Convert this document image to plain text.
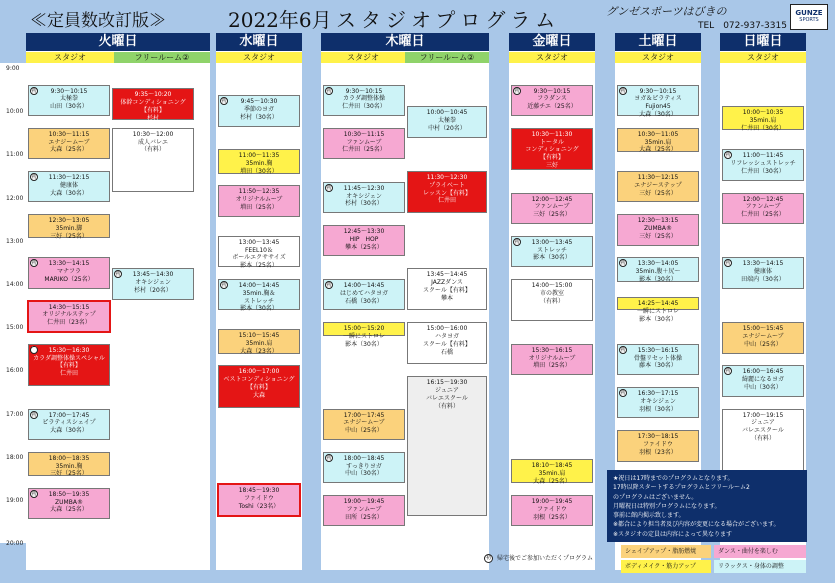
≪定員数改訂版≫	2022年6月 スタジオプログラム	グンゼスポーツはびきの
TEL　072-937-3315
GUNZE
SPORTS
9:00
10:00
11:00
12:00
13:00
14:00
15:00
16:00
17:00
18:00
19:00
20:00
火曜日	水曜日	木曜日	金曜日	土曜日	日曜日
スタジオ	フリールーム②	スタジオ	スタジオ	フリールーム②	スタジオ	スタジオ	スタジオ
初	9:30～10:15
太極拳
山田（30名）
10:30～11:15
エナジームーブ
大森（25名）
初	11:30～12:15
健康体
大森（30名）
12:30～13:05
35min.脚
三好（25名）
初	13:30～14:15
マナフラ
MARIKO（25名）
14:30～15:15
オリジナルステップ
仁井田（23名）
初	15:30～16:30
カラダ調整体操スペシャル
【有料】
仁井田
初	17:00～17:45
ピラティスシェイプ
大森（30名）
18:00～18:35
35min.胸
三好（25名）
初	18:50～19:35
ZUMBA®
大森（25名）
9:35～10:20
体幹コンディショニング
【有料】
杉村
10:30～12:00
成人バレエ
（有料）
初	13:45～14:30
オキシジェン
杉村（20名）
初	9:45～10:30
季節のヨガ
杉村（30名）
11:00～11:35
35min.胸
増田（30名）
11:50～12:35
オリジナルムーブ
増田（25名）
13:00～13:45
FEEL10＆
ボールエクササイズ
影本（25名）
初	14:00～14:45
35min.胸＆
ストレッチ
影本（30名）
15:10～15:45
35min.肩
大森（23名）
16:00～17:00
ベストコンディショニング
【有料】
大森
18:45～19:30
ファイドウ
Toshi（23名）
初	9:30～10:15
カラダ調整体操
仁井田（30名）
10:30～11:15
ファンムーブ
仁井田（25名）
初	11:45～12:30
オキシジェン
杉村（30名）
12:45～13:30
HIP　HOP
攀本（25名）
初	14:00～14:45
はじめてハタヨガ
石橋（30名）
15:00～15:20
一瞬にストロレ
影本（30名）
17:00～17:45
エナジームーブ
中山（25名）
初	18:00～18:45
すっきりヨガ
中山（30名）
19:00～19:45
ファンムーブ
田所（25名）
10:00～10:45
太極拳
中村（20名）
11:30～12:30
プライベート
レッスン【有料】
仁井田
13:45～14:45
JAZZダンス
スクール【有料】
攀本
15:00～16:00
ハタヨガ
スクール【有料】
石橋
16:15～19:30
ジュニア
バレエスクール
（有料）
初	9:30～10:15
フラダンス
近藤チエ（25名）
10:30～11:30
トータル
コンディショニング
【有料】
三好
12:00～12:45
ファンムーブ
三好（25名）
初	13:00～13:45
ストレッチ
影本（30名）
14:00～15:00
市の教室
（有料）
15:30～16:15
オリジナルムーブ
増田（25名）
18:10～18:45
35min.肩
大森（25名）
19:00～19:45
ファイドウ
羽根（25名）
初	9:30～10:15
ヨガ＆ピラティス
Fujion45
大森（30名）
10:30～11:05
35min.肩
大森（25名）
11:30～12:15
エナジーステップ
三好（25名）
12:30～13:15
ZUMBA®
三好（25名）
初	13:30～14:05
35min.腹＋尻～
影本（30名）
14:25～14:45
一瞬にストロレ
影本（30名）
初	15:30～16:15
骨盤リセット体操
藤本（30名）
初	16:30～17:15
オキシジェン
羽根（30名）
17:30～18:15
ファイドウ
羽根（23名）
10:00～10:35
35min.肩
仁井田（30名）
初	11:00～11:45
リフレッシュストレッチ
仁井田（30名）
12:00～12:45
ファンムーブ
仁井田（25名）
初	13:30～14:15
健康体
田端内（30名）
15:00～15:45
エナジームーブ
中山（25名）
初	16:00～16:45
綺麗になるヨガ
中山（30名）
17:00～19:15
ジュニア
バレエスクール
（有料）
★祝日は17時までのプログラムとなります。
17時以降スタートするプログラムとフリールーム2
のプログラムはございません。
月曜祝日は特別プログラムになります。
事前に館内掲示致します。
※都合により担当者及び内容が変更になる場合がございます。
※スタジオの定員は内容によって異なります
初 帰宅後でご参加いただくプログラム
シェイプアップ・脂肪燃焼	ダンス・曲付を楽しむ
ボディメイク・筋力アップ	リラックス・身体の調整
